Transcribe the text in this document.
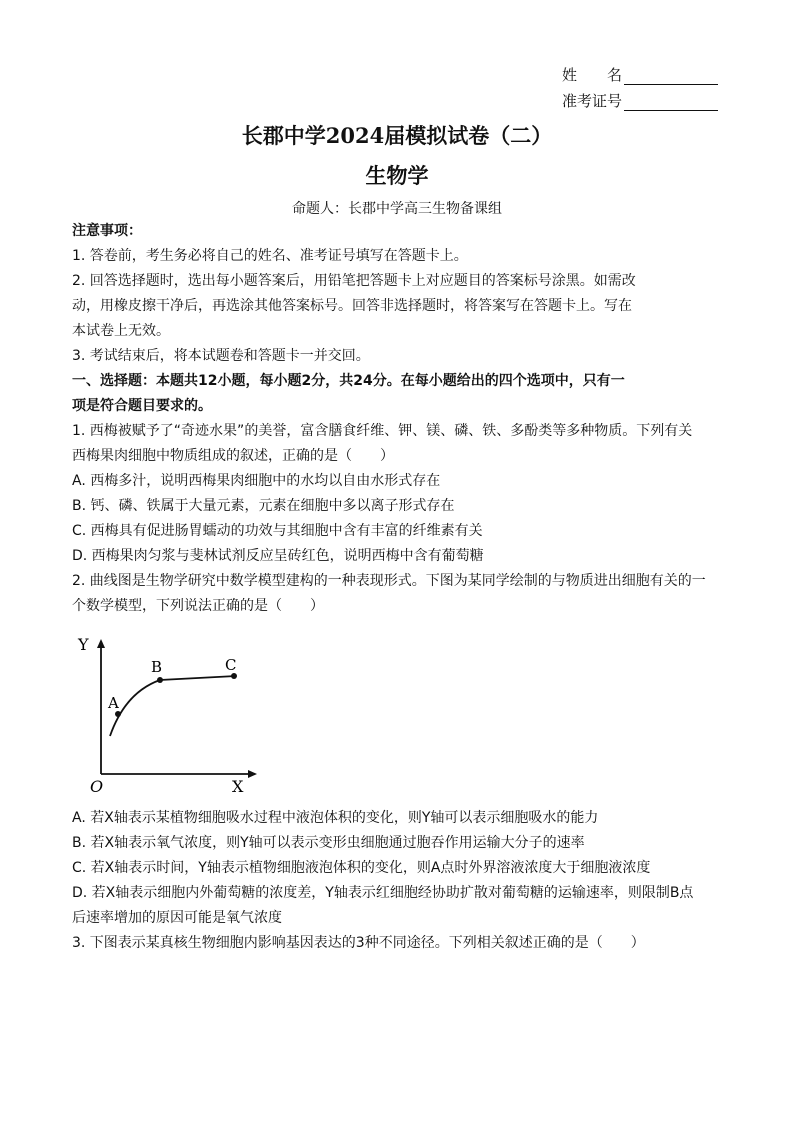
姓　　名
准考证号
长郡中学2024届模拟试卷（二）
生物学
命题人：长郡中学高三生物备课组
注意事项：
1. 答卷前，考生务必将自己的姓名、准考证号填写在答题卡上。
2. 回答选择题时，选出每小题答案后，用铅笔把答题卡上对应题目的答案标号涂黑。如需改
动，用橡皮擦干净后，再选涂其他答案标号。回答非选择题时，将答案写在答题卡上。写在
本试卷上无效。
3. 考试结束后，将本试题卷和答题卡一并交回。
一、选择题：本题共12小题，每小题2分，共24分。在每小题给出的四个选项中，只有一
项是符合题目要求的。
1. 西梅被赋予了“奇迹水果”的美誉，富含膳食纤维、钾、镁、磷、铁、多酚类等多种物质。下列有关
西梅果肉细胞中物质组成的叙述，正确的是（　　）
A. 西梅多汁，说明西梅果肉细胞中的水均以自由水形式存在
B. 钙、磷、铁属于大量元素，元素在细胞中多以离子形式存在
C. 西梅具有促进肠胃蠕动的功效与其细胞中含有丰富的纤维素有关
D. 西梅果肉匀浆与斐林试剂反应呈砖红色，说明西梅中含有葡萄糖
2. 曲线图是生物学研究中数学模型建构的一种表现形式。下图为某同学绘制的与物质进出细胞有关的一
个数学模型，下列说法正确的是（　　）
Y
X
O
A
B	C
A. 若X轴表示某植物细胞吸水过程中液泡体积的变化，则Y轴可以表示细胞吸水的能力
B. 若X轴表示氧气浓度，则Y轴可以表示变形虫细胞通过胞吞作用运输大分子的速率
C. 若X轴表示时间，Y轴表示植物细胞液泡体积的变化，则A点时外界溶液浓度大于细胞液浓度
D. 若X轴表示细胞内外葡萄糖的浓度差，Y轴表示红细胞经协助扩散对葡萄糖的运输速率，则限制B点
后速率增加的原因可能是氧气浓度
3. 下图表示某真核生物细胞内影响基因表达的3种不同途径。下列相关叙述正确的是（　　）
